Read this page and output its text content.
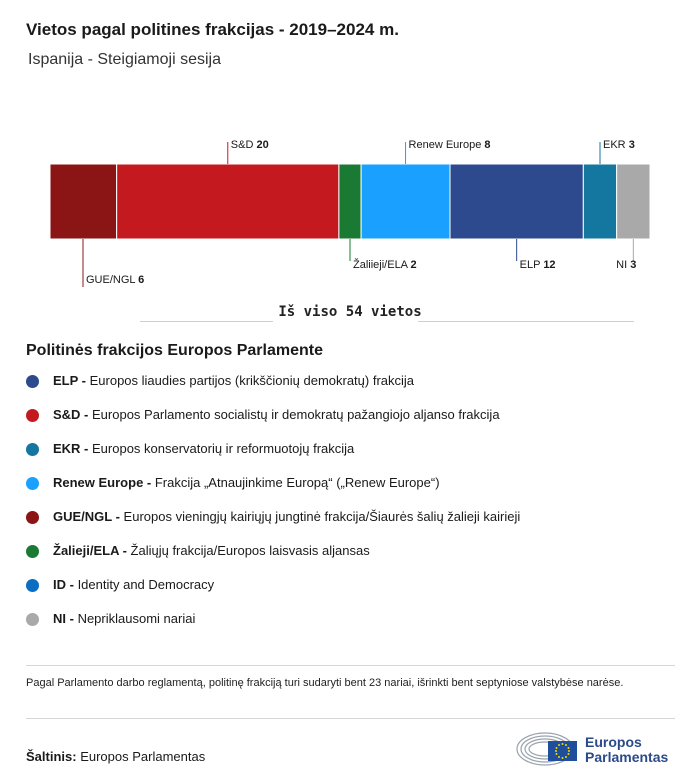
Vietos pagal politines frakcijas - 2019–2024 m.
Ispanija - Steigiamoji sesija
GUE/NGL 6
S&D 20
Žaliieji/ELA 2
Renew Europe 8
ELP 12
EKR 3
NI 3
Iš viso 54 vietos
Politinės frakcijos Europos Parlamente
ELP - Europos liaudies partijos (krikščionių demokratų) frakcija
S&D - Europos Parlamento socialistų ir demokratų pažangiojo aljanso frakcija
EKR - Europos konservatorių ir reformuotojų frakcija
Renew Europe - Frakcija „Atnaujinkime Europą“ („Renew Europe“)
GUE/NGL - Europos vieningjų kairiųjų jungtinė frakcija/Šiaurės šalių žalieji kairieji
Žalieji/ELA - Žaliųjų frakcija/Europos laisvasis aljansas
ID - Identity and Democracy
NI - Nepriklausomi nariai
Pagal Parlamento darbo reglamentą, politinę frakciją turi sudaryti bent 23 nariai, išrinkti bent septyniose valstybėse narėse.
Šaltinis: Europos Parlamentas
Europos
Parlamentas
